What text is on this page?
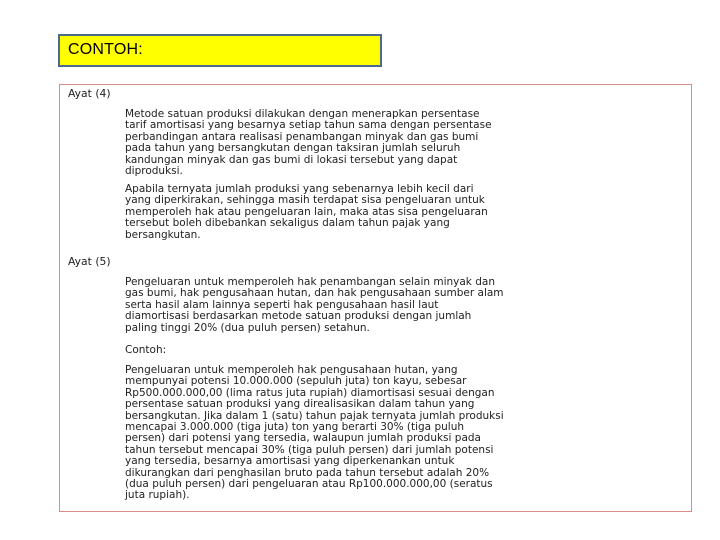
CONTOH:
Ayat (4)

Metode satuan produksi dilakukan dengan menerapkan persentase
tarif amortisasi yang besarnya setiap tahun sama dengan persentase
perbandingan antara realisasi penambangan minyak dan gas bumi
pada tahun yang bersangkutan dengan taksiran jumlah seluruh
kandungan minyak dan gas bumi di lokasi tersebut yang dapat
diproduksi.

Apabila ternyata jumlah produksi yang sebenarnya lebih kecil dari
yang diperkirakan, sehingga masih terdapat sisa pengeluaran untuk
memperoleh hak atau pengeluaran lain, maka atas sisa pengeluaran
tersebut boleh dibebankan sekaligus dalam tahun pajak yang
bersangkutan.

Ayat (5)

Pengeluaran untuk memperoleh hak penambangan selain minyak dan
gas bumi, hak pengusahaan hutan, dan hak pengusahaan sumber alam
serta hasil alam lainnya seperti hak pengusahaan hasil laut
diamortisasi berdasarkan metode satuan produksi dengan jumlah
paling tinggi 20% (dua puluh persen) setahun.

Contoh:

Pengeluaran untuk memperoleh hak pengusahaan hutan, yang
mempunyai potensi 10.000.000 (sepuluh juta) ton kayu, sebesar
Rp500.000.000,00 (lima ratus juta rupiah) diamortisasi sesuai dengan
persentase satuan produksi yang direalisasikan dalam tahun yang
bersangkutan. Jika dalam 1 (satu) tahun pajak ternyata jumlah produksi
mencapai 3.000.000 (tiga juta) ton yang berarti 30% (tiga puluh
persen) dari potensi yang tersedia, walaupun jumlah produksi pada
tahun tersebut mencapai 30% (tiga puluh persen) dari jumlah potensi
yang tersedia, besarnya amortisasi yang diperkenankan untuk
dikurangkan dari penghasilan bruto pada tahun tersebut adalah 20%
(dua puluh persen) dari pengeluaran atau Rp100.000.000,00 (seratus
juta rupiah).
